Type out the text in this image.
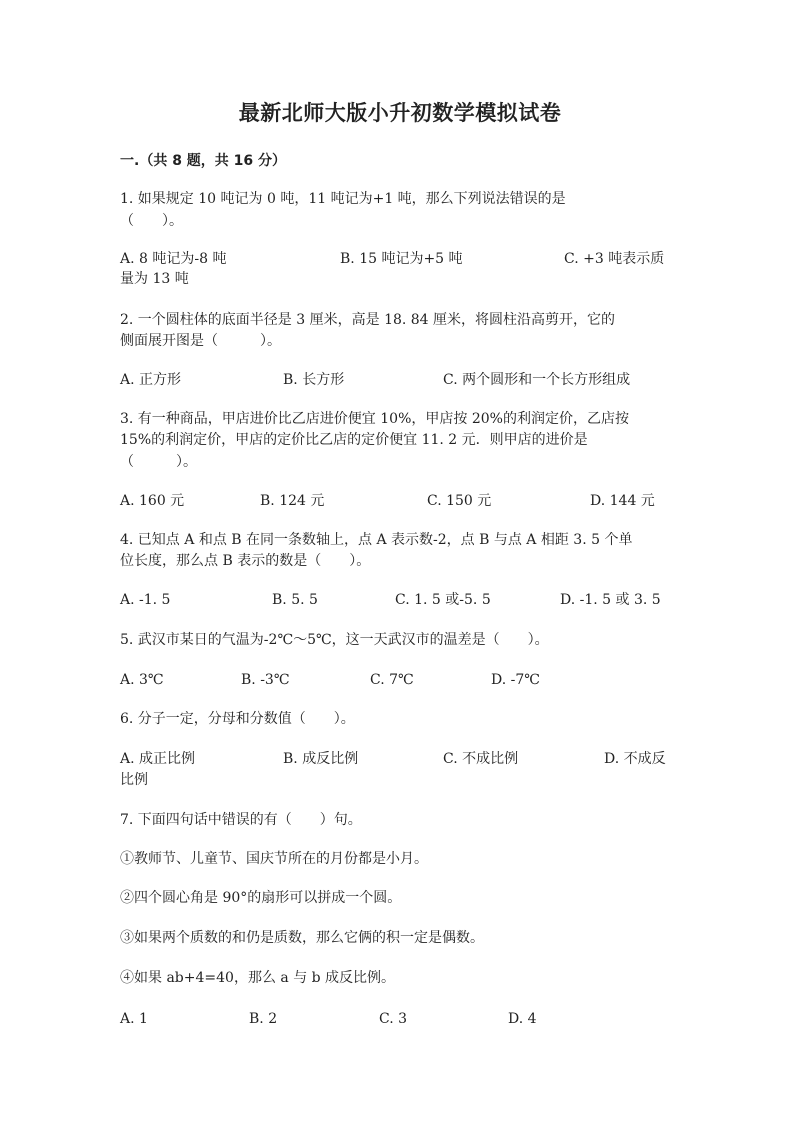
最新北师大版小升初数学模拟试卷
一.（共 8 题，共 16 分）
1. 如果规定 10 吨记为 0 吨，11 吨记为+1 吨，那么下列说法错误的是
（　　）。
A. 8 吨记为-8 吨	B. 15 吨记为+5 吨	C. +3 吨表示质
量为 13 吨
2. 一个圆柱体的底面半径是 3 厘米，高是 18. 84 厘米，将圆柱沿高剪开，它的
侧面展开图是（　　　）。
A. 正方形	B. 长方形	C. 两个圆形和一个长方形组成
3. 有一种商品，甲店进价比乙店进价便宜 10%，甲店按 20%的利润定价，乙店按
15%的利润定价，甲店的定价比乙店的定价便宜 11. 2 元．则甲店的进价是
（　　　）。
A. 160 元	B. 124 元	C. 150 元	D. 144 元
4. 已知点 A 和点 B 在同一条数轴上，点 A 表示数-2，点 B 与点 A 相距 3. 5 个单
位长度，那么点 B 表示的数是（　　）。
A. -1. 5	B. 5. 5	C. 1. 5 或-5. 5	D. -1. 5 或 3. 5
5. 武汉市某日的气温为-2℃～5℃，这一天武汉市的温差是（　　）。
A. 3℃	B. -3℃	C. 7℃	D. -7℃
6. 分子一定，分母和分数值（　　）。
A. 成正比例	B. 成反比例	C. 不成比例	D. 不成反
比例
7. 下面四句话中错误的有（　　）句。
①教师节、儿童节、国庆节所在的月份都是小月。
②四个圆心角是 90°的扇形可以拼成一个圆。
③如果两个质数的和仍是质数，那么它俩的积一定是偶数。
④如果 ab+4=40，那么 a 与 b 成反比例。
A. 1	B. 2	C. 3	D. 4
